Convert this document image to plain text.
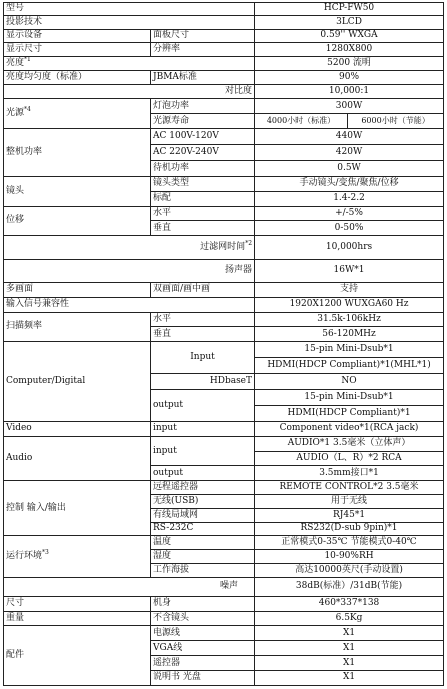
型号		HCP-FW50	
投影技术		3LCD	
显示设备	面板尺寸	0.59'' WXGA	
显示尺寸	分辨率	1280X800	
亮度$^{*1}$		5200 流明	
亮度均匀度（标准）	JBMA标准	90%	
对比度		10,000:1	
光源$^{*4}$	灯泡功率	300W	
	光源寿命	4000小时（标准）	6000小时（节能）
整机功率	AC 100V-120V	440W	
	AC 220V-240V	420W	
	待机功率	0.5W	
镜头	镜头类型	手动镜头/变焦/聚焦/位移	
	标配	1.4-2.2	
位移	水平	+/-5%	
	垂直	0-50%	
过滤网时间$^{*2}$		10,000hrs	
扬声器		16W*1	
多画面	双画面/画中画	支持	
输入信号兼容性		1920X1200 WUXGA60 Hz	
扫描频率	水平	31.5k-106kHz	
	垂直	56-120MHz	
Computer/Digital	Input	15-pin Mini-Dsub*1	
		HDMI(HDCP Compliant)*1(MHL*1)	
	HDbaseT	NO	
	output	15-pin Mini-Dsub*1	
		HDMI(HDCP Compliant)*1	
Video	input	Component video*1(RCA jack)	
Audio	input	AUDIO*1 3.5毫米（立体声）	
		AUDIO（L、R）*2 RCA	
	output	3.5mm接口*1	
控制 输入/输出	远程遥控器	REMOTE CONTROL*2 3.5毫米	
	无线(USB)	用于无线	
	有线局域网	RJ45*1	
	RS-232C	RS232(D-sub 9pin)*1	
运行环境$^{*3}$	温度	正常模式0-35℃ 节能模式0-40℃	
	湿度	10-90%RH	
	工作海拔	高达10000英尺(手动设置)	
噪声		38dB(标准）/31dB(节能)	
尺寸	机身	460*337*138	
重量	不含镜头	6.5Kg	
配件	电源线	X1	
	VGA线	X1	
	遥控器	X1	
	说明书 光盘	X1	
